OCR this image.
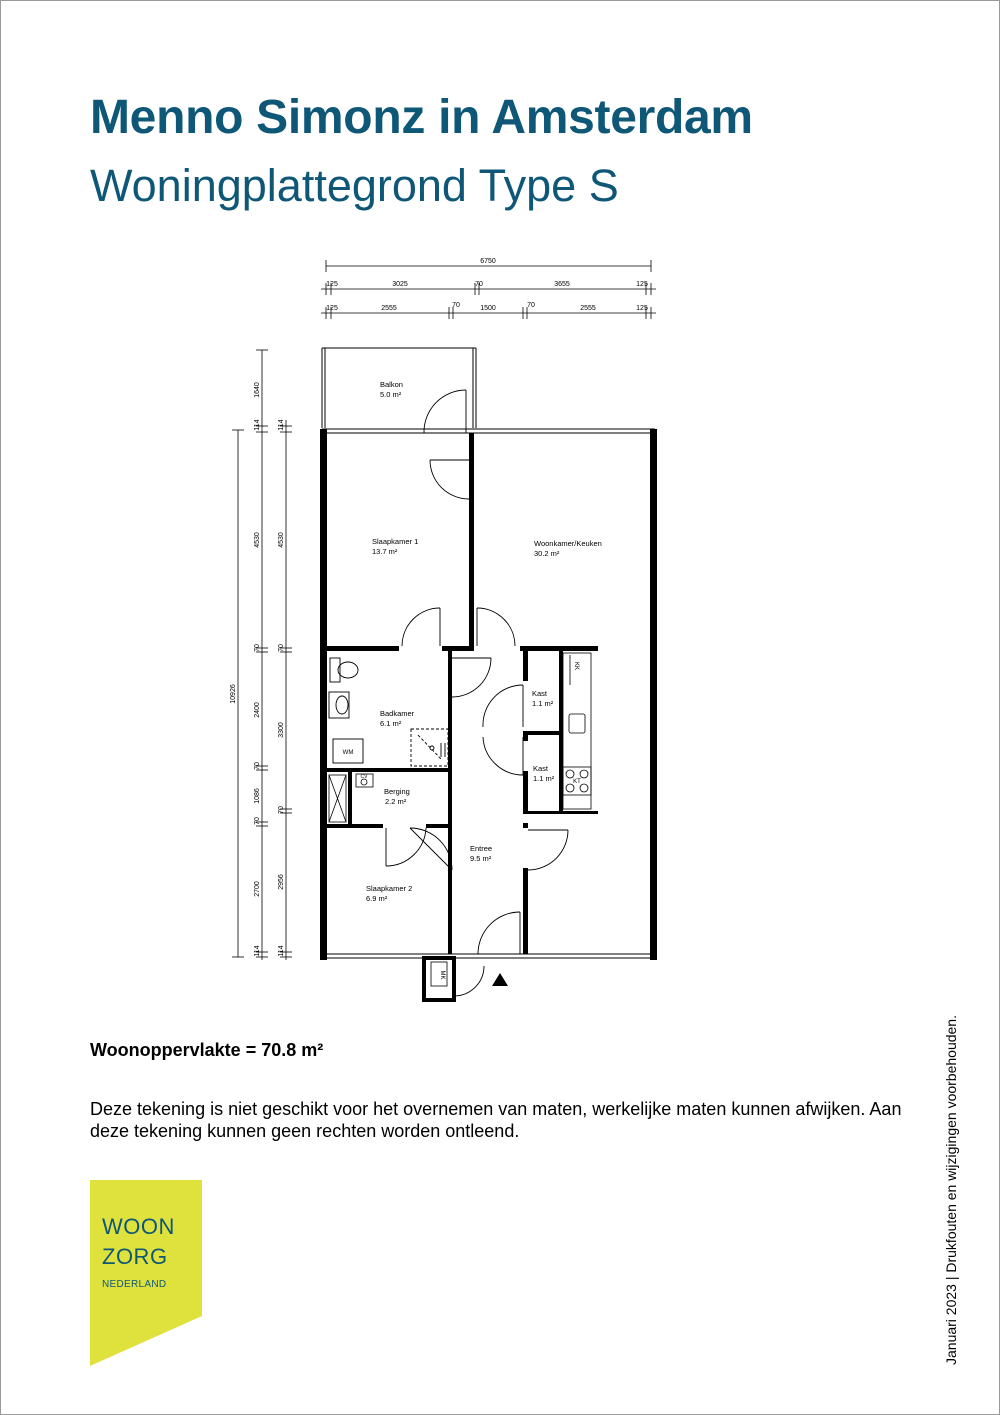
Menno Simonz in Amsterdam
Woningplattegrond Type S
6750
125	3025	70	3655	125
125	2555	70	1500	70	2555	125
10926
1640
114
4530
70
2400
70
1086
70
2700
114
114
4530
70
3300
70
2956
114
MK
WM
CV
KK
KT
Balkon
5.0 m²
Slaapkamer 1
13.7 m²
Woonkamer/Keuken
30.2 m²
Badkamer
6.1 m²
Kast
1.1 m²
Kast
1.1 m²
Berging
2.2 m²
Entree
9.5 m²
Slaapkamer 2
6.9 m²

Woonoppervlakte = 70.8 m²

Deze tekening is niet geschikt voor het overnemen van maten, werkelijke maten kunnen afwijken. Aan deze tekening kunnen geen rechten worden ontleend.

WOON
ZORG
NEDERLAND	Januari 2023 | Drukfouten en wijzigingen voorbehouden.
